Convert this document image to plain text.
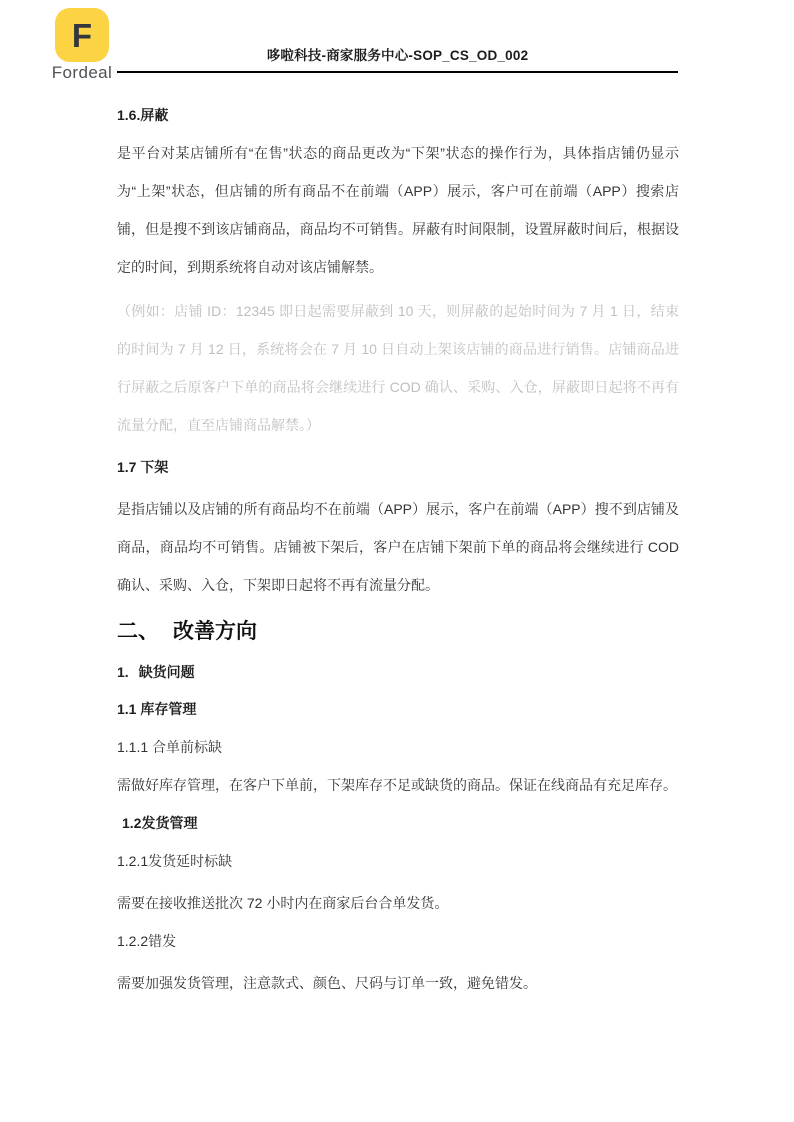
F
Fordeal
哆啦科技-商家服务中心-SOP_CS_OD_002

1.6.屏蔽

是平台对某店铺所有“在售”状态的商品更改为“下架”状态的操作行为，具体指店铺仍显示为“上架”状态，但店铺的所有商品不在前端（APP）展示，客户可在前端（APP）搜索店铺，但是搜不到该店铺商品，商品均不可销售。屏蔽有时间限制，设置屏蔽时间后，根据设定的时间，到期系统将自动对该店铺解禁。

（例如：店铺 ID：12345 即日起需要屏蔽到 10 天，则屏蔽的起始时间为 7 月 1 日，结束的时间为 7 月 12 日，系统将会在 7 月 10 日自动上架该店铺的商品进行销售。店铺商品进行屏蔽之后原客户下单的商品将会继续进行 COD 确认、采购、入仓，屏蔽即日起将不再有流量分配，直至店铺商品解禁。）

1.7 下架

是指店铺以及店铺的所有商品均不在前端（APP）展示，客户在前端（APP）搜不到店铺及商品，商品均不可销售。店铺被下架后，客户在店铺下架前下单的商品将会继续进行 COD 确认、采购、入仓，下架即日起将不再有流量分配。

二、 改善方向

1. 缺货问题

1.1 库存管理

1.1.1 合单前标缺

需做好库存管理，在客户下单前，下架库存不足或缺货的商品。保证在线商品有充足库存。

1.2发货管理

1.2.1发货延时标缺

需要在接收推送批次 72 小时内在商家后台合单发货。

1.2.2错发

需要加强发货管理，注意款式、颜色、尺码与订单一致，避免错发。
